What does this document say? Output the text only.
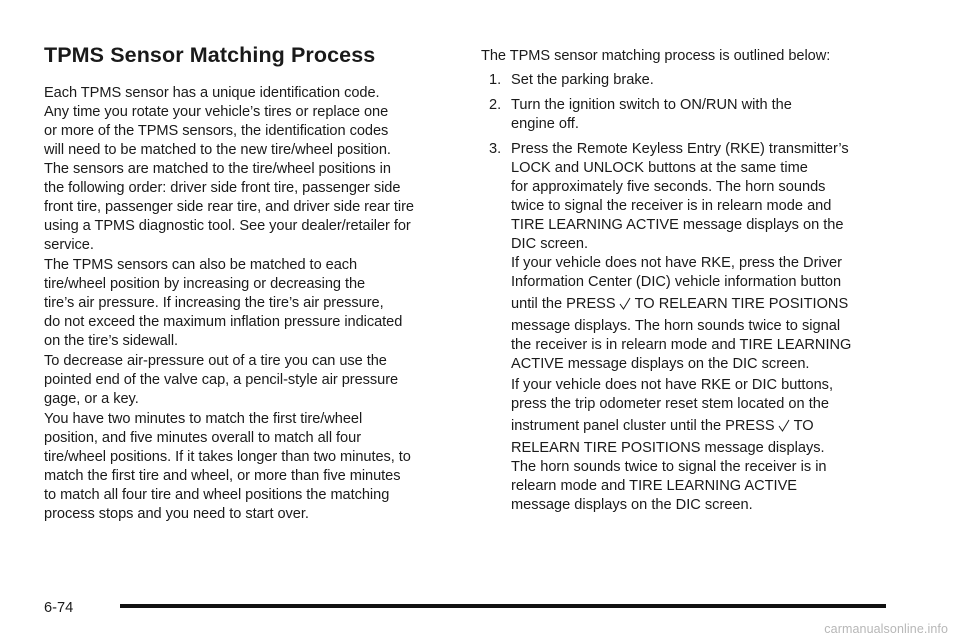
TPMS Sensor Matching Process

Each TPMS sensor has a unique identification code.
Any time you rotate your vehicle’s tires or replace one
or more of the TPMS sensors, the identification codes
will need to be matched to the new tire/wheel position.
The sensors are matched to the tire/wheel positions in
the following order: driver side front tire, passenger side
front tire, passenger side rear tire, and driver side rear tire
using a TPMS diagnostic tool. See your dealer/retailer for
service.

The TPMS sensors can also be matched to each
tire/wheel position by increasing or decreasing the
tire’s air pressure. If increasing the tire’s air pressure,
do not exceed the maximum inflation pressure indicated
on the tire’s sidewall.

To decrease air-pressure out of a tire you can use the
pointed end of the valve cap, a pencil-style air pressure
gage, or a key.

You have two minutes to match the first tire/wheel
position, and five minutes overall to match all four
tire/wheel positions. If it takes longer than two minutes, to
match the first tire and wheel, or more than five minutes
to match all four tire and wheel positions the matching
process stops and you need to start over.

The TPMS sensor matching process is outlined below:

1. Set the parking brake.
2. Turn the ignition switch to ON/RUN with the
engine off.
3. Press the Remote Keyless Entry (RKE) transmitter’s
LOCK and UNLOCK buttons at the same time
for approximately five seconds. The horn sounds
twice to signal the receiver is in relearn mode and
TIRE LEARNING ACTIVE message displays on the
DIC screen.
If your vehicle does not have RKE, press the Driver
Information Center (DIC) vehicle information button
until the PRESS TO RELEARN TIRE POSITIONS
message displays. The horn sounds twice to signal
the receiver is in relearn mode and TIRE LEARNING
ACTIVE message displays on the DIC screen.
If your vehicle does not have RKE or DIC buttons,
press the trip odometer reset stem located on the
instrument panel cluster until the PRESS TO
RELEARN TIRE POSITIONS message displays.
The horn sounds twice to signal the receiver is in
relearn mode and TIRE LEARNING ACTIVE
message displays on the DIC screen.
6-74
carmanualsonline.info
